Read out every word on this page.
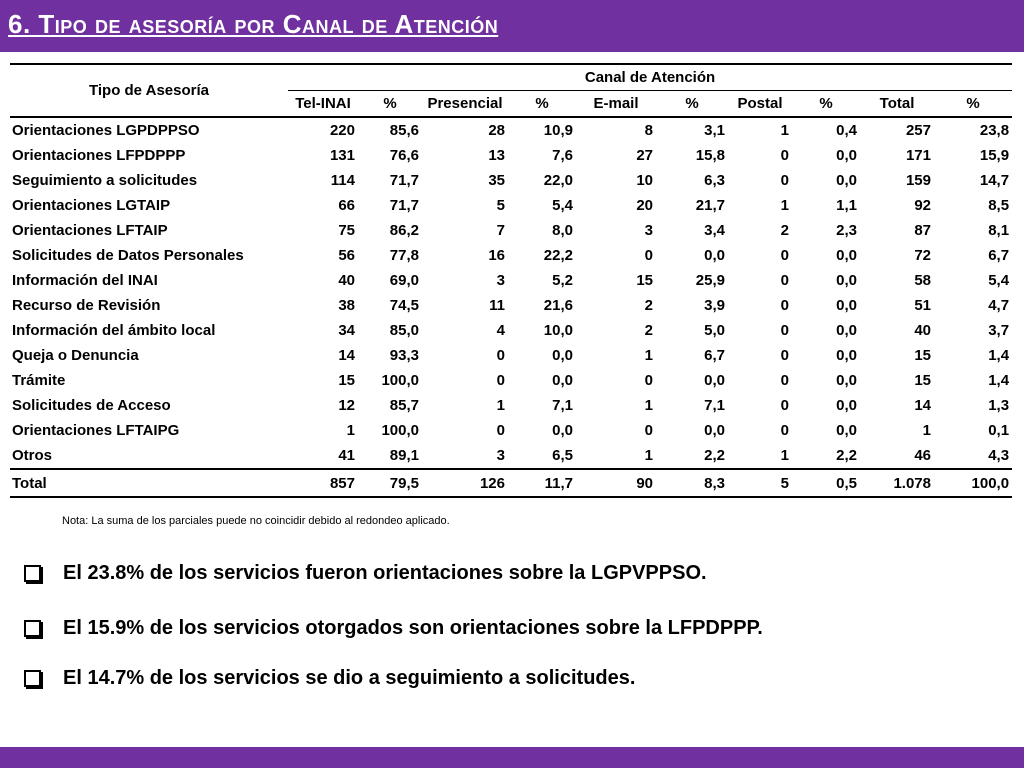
6. Tipo de asesoría por Canal de Atención
Tipo de Asesoría	Canal de Atención									
	Tel-INAI	%	Presencial	%	E-mail	%	Postal	%	Total	%
Orientaciones LGPDPPSO	220	85,6	28	10,9	8	3,1	1	0,4	257	23,8
Orientaciones LFPDPPP	131	76,6	13	7,6	27	15,8	0	0,0	171	15,9
Seguimiento a solicitudes	114	71,7	35	22,0	10	6,3	0	0,0	159	14,7
Orientaciones LGTAIP	66	71,7	5	5,4	20	21,7	1	1,1	92	8,5
Orientaciones LFTAIP	75	86,2	7	8,0	3	3,4	2	2,3	87	8,1
Solicitudes de Datos Personales	56	77,8	16	22,2	0	0,0	0	0,0	72	6,7
Información del INAI	40	69,0	3	5,2	15	25,9	0	0,0	58	5,4
Recurso de Revisión	38	74,5	11	21,6	2	3,9	0	0,0	51	4,7
Información del ámbito local	34	85,0	4	10,0	2	5,0	0	0,0	40	3,7
Queja o Denuncia	14	93,3	0	0,0	1	6,7	0	0,0	15	1,4
Trámite	15	100,0	0	0,0	0	0,0	0	0,0	15	1,4
Solicitudes de Acceso	12	85,7	1	7,1	1	7,1	0	0,0	14	1,3
Orientaciones LFTAIPG	1	100,0	0	0,0	0	0,0	0	0,0	1	0,1
Otros	41	89,1	3	6,5	1	2,2	1	2,2	46	4,3
Total	857	79,5	126	11,7	90	8,3	5	0,5	1.078	100,0
Nota: La suma de los parciales puede no coincidir debido al redondeo aplicado.
El 23.8% de los servicios fueron orientaciones sobre la LGPVPPSO.
El 15.9% de los servicios otorgados son orientaciones sobre la LFPDPPP.
El 14.7% de los servicios se dio a seguimiento a solicitudes.
